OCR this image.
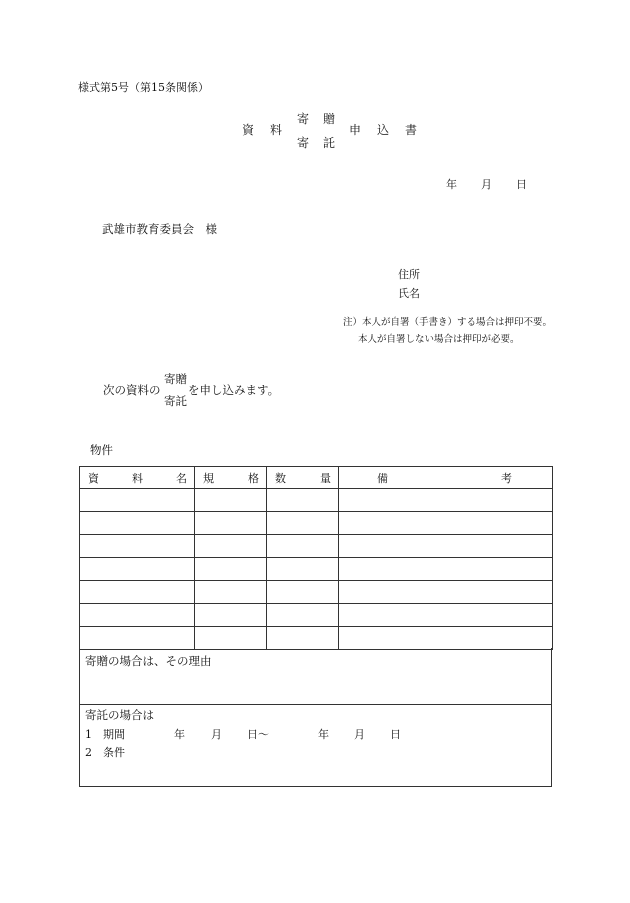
様式第5号（第15条関係）
資 料
寄 贈
寄 託
申 込 書
年 月 日
武雄市教育委員会　様
住所
氏名
注）本人が自署（手書き）する場合は押印不要。
本人が自署しない場合は押印が必要。
次の資料の
寄贈
寄託
を申し込みます。
物件
資 料 名	規 格	数 量	備 考

寄贈の場合は、その理由
寄託の場合は
1 期間	年 月 日〜	年 月 日
2 条件
